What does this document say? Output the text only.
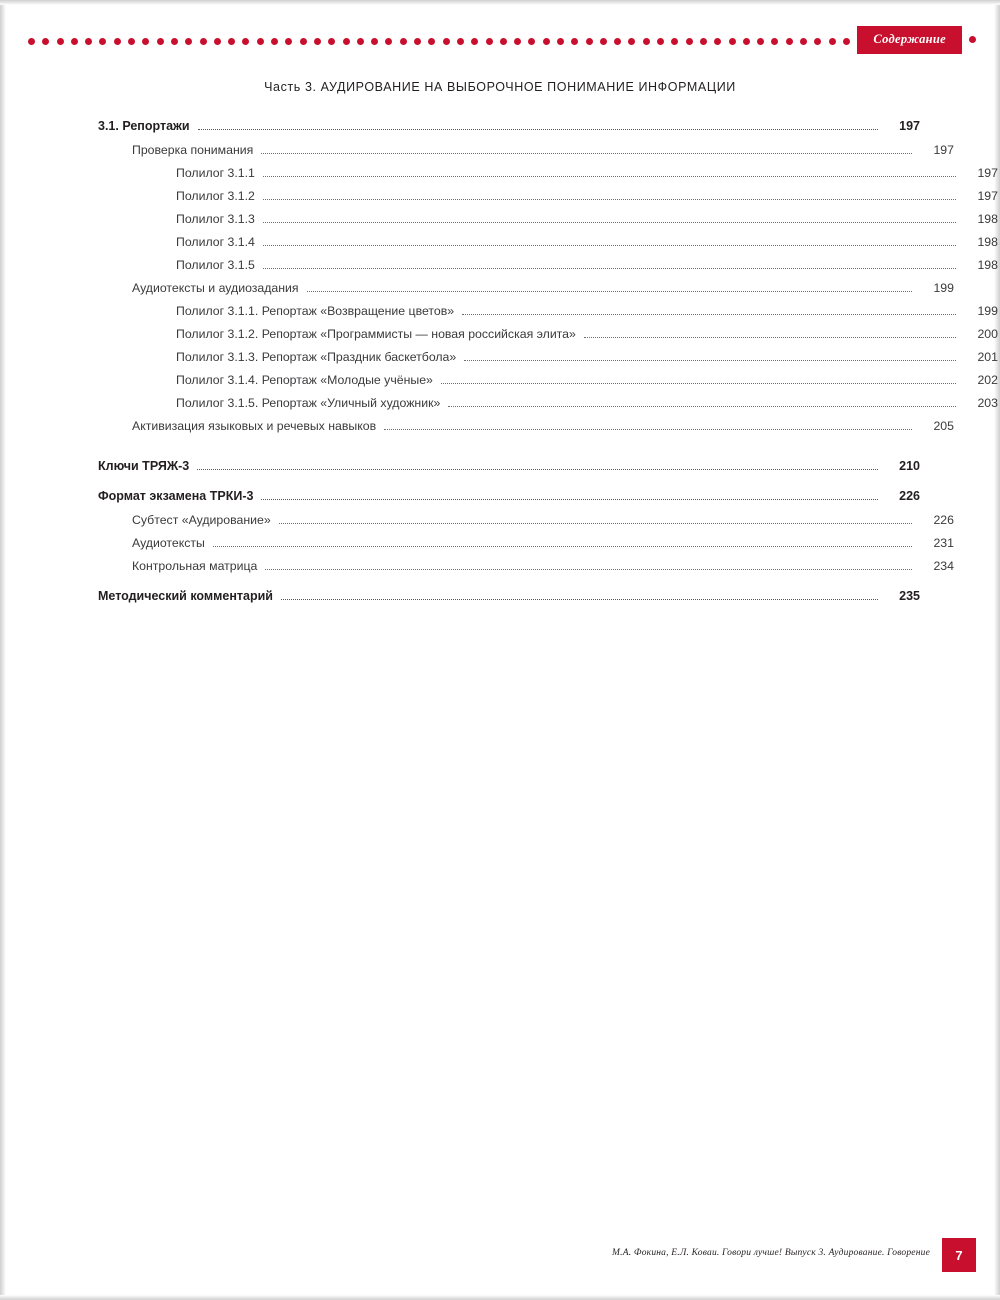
Содержание
Часть 3. АУДИРОВАНИЕ НА ВЫБОРОЧНОЕ ПОНИМАНИЕ ИНФОРМАЦИИ
3.1. Репортажи	197
Проверка понимания	197
Полилог 3.1.1	197
Полилог 3.1.2	197
Полилог 3.1.3	198
Полилог 3.1.4	198
Полилог 3.1.5	198
Аудиотексты и аудиозадания	199
Полилог 3.1.1. Репортаж «Возвращение цветов»	199
Полилог 3.1.2. Репортаж «Программисты — новая российская элита»	200
Полилог 3.1.3. Репортаж «Праздник баскетбола»	201
Полилог 3.1.4. Репортаж «Молодые учёные»	202
Полилог 3.1.5. Репортаж «Уличный художник»	203
Активизация языковых и речевых навыков	205
Ключи ТРЯЖ-3	210
Формат экзамена ТРКИ-3	226
Субтест «Аудирование»	226
Аудиотексты	231
Контрольная матрица	234
Методический комментарий	235
М.А. Фокина, Е.Л. Коваи. Говори лучше! Выпуск 3. Аудирование. Говорение	7
